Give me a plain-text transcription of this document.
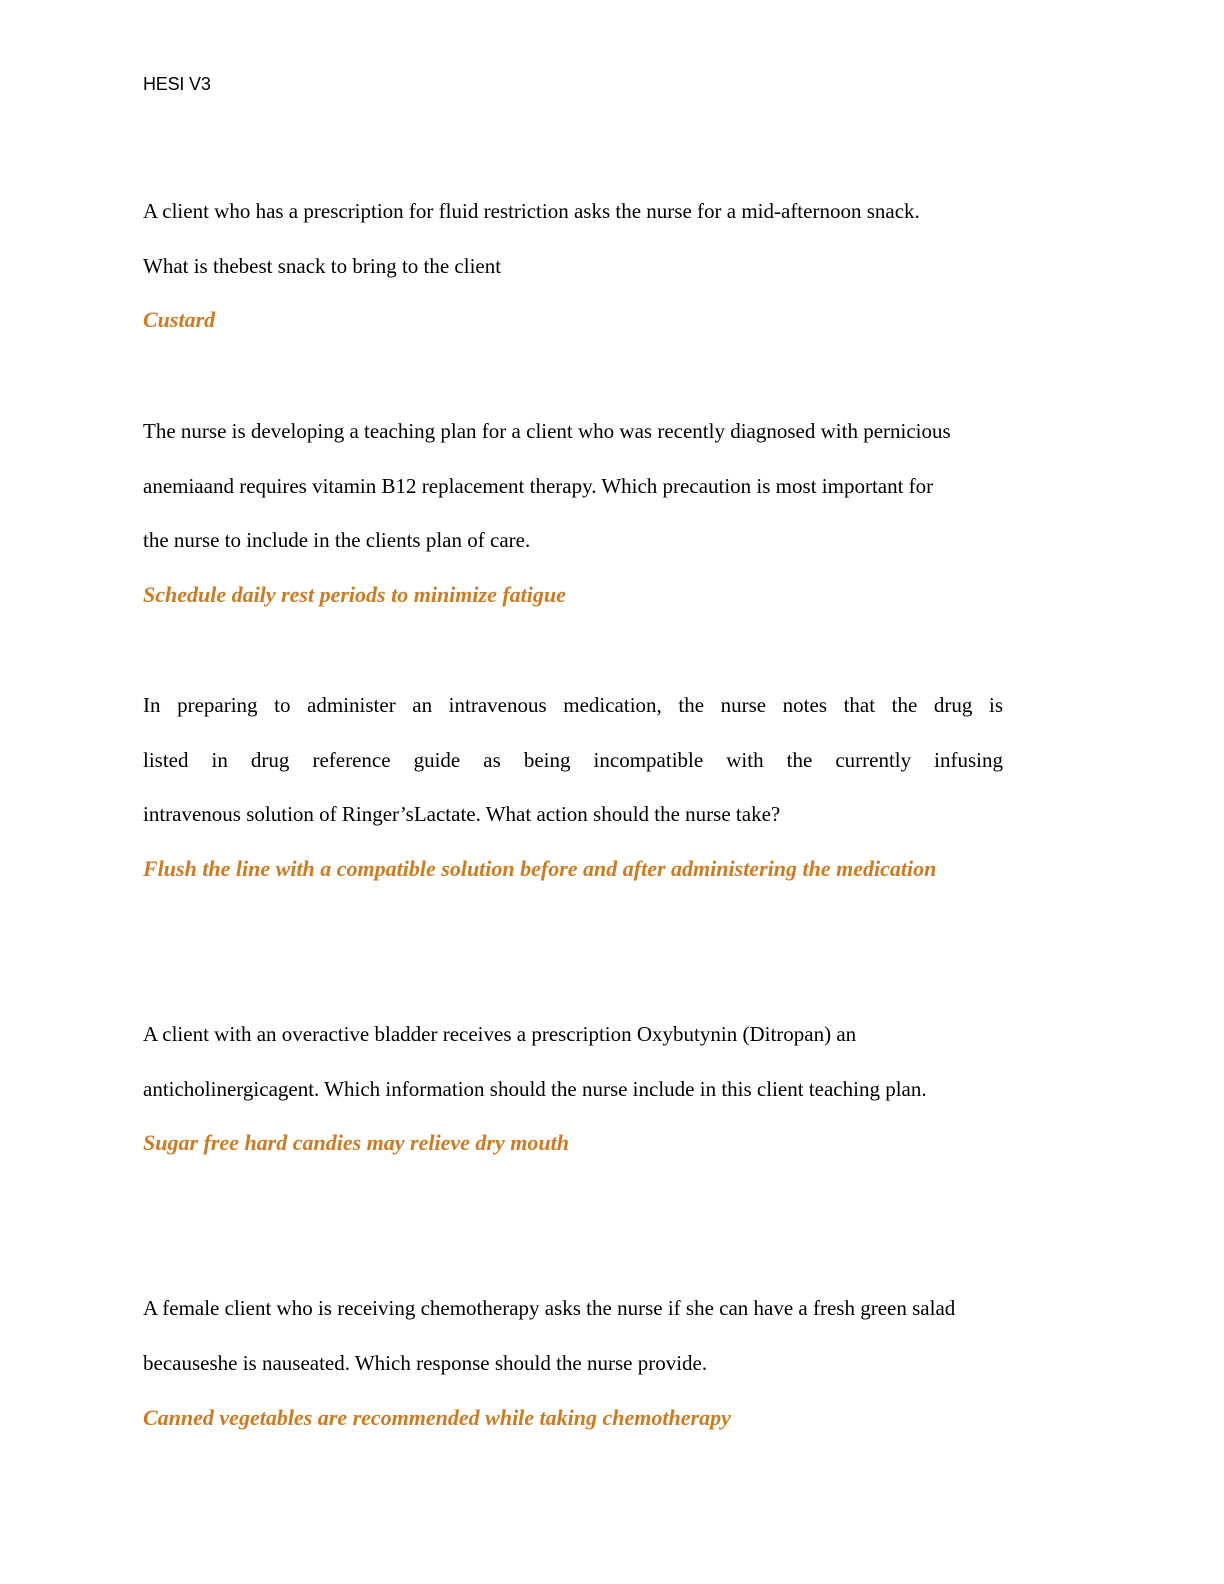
HESI V3
A client who has a prescription for fluid restriction asks the nurse for a mid-afternoon snack.
What is thebest snack to bring to the client
Custard
The nurse is developing a teaching plan for a client who was recently diagnosed with pernicious
anemiaand requires vitamin B12 replacement therapy. Which precaution is most important for
the nurse to include in the clients plan of care.
Schedule daily rest periods to minimize fatigue
In preparing to administer an intravenous medication, the nurse notes that the drug is
listed in drug reference guide as being incompatible with the currently infusing
intravenous solution of Ringer’sLactate. What action should the nurse take?
Flush the line with a compatible solution before and after administering the medication
A client with an overactive bladder receives a prescription Oxybutynin (Ditropan) an
anticholinergicagent. Which information should the nurse include in this client teaching plan.
Sugar free hard candies may relieve dry mouth
A female client who is receiving chemotherapy asks the nurse if she can have a fresh green salad
becauseshe is nauseated. Which response should the nurse provide.
Canned vegetables are recommended while taking chemotherapy
